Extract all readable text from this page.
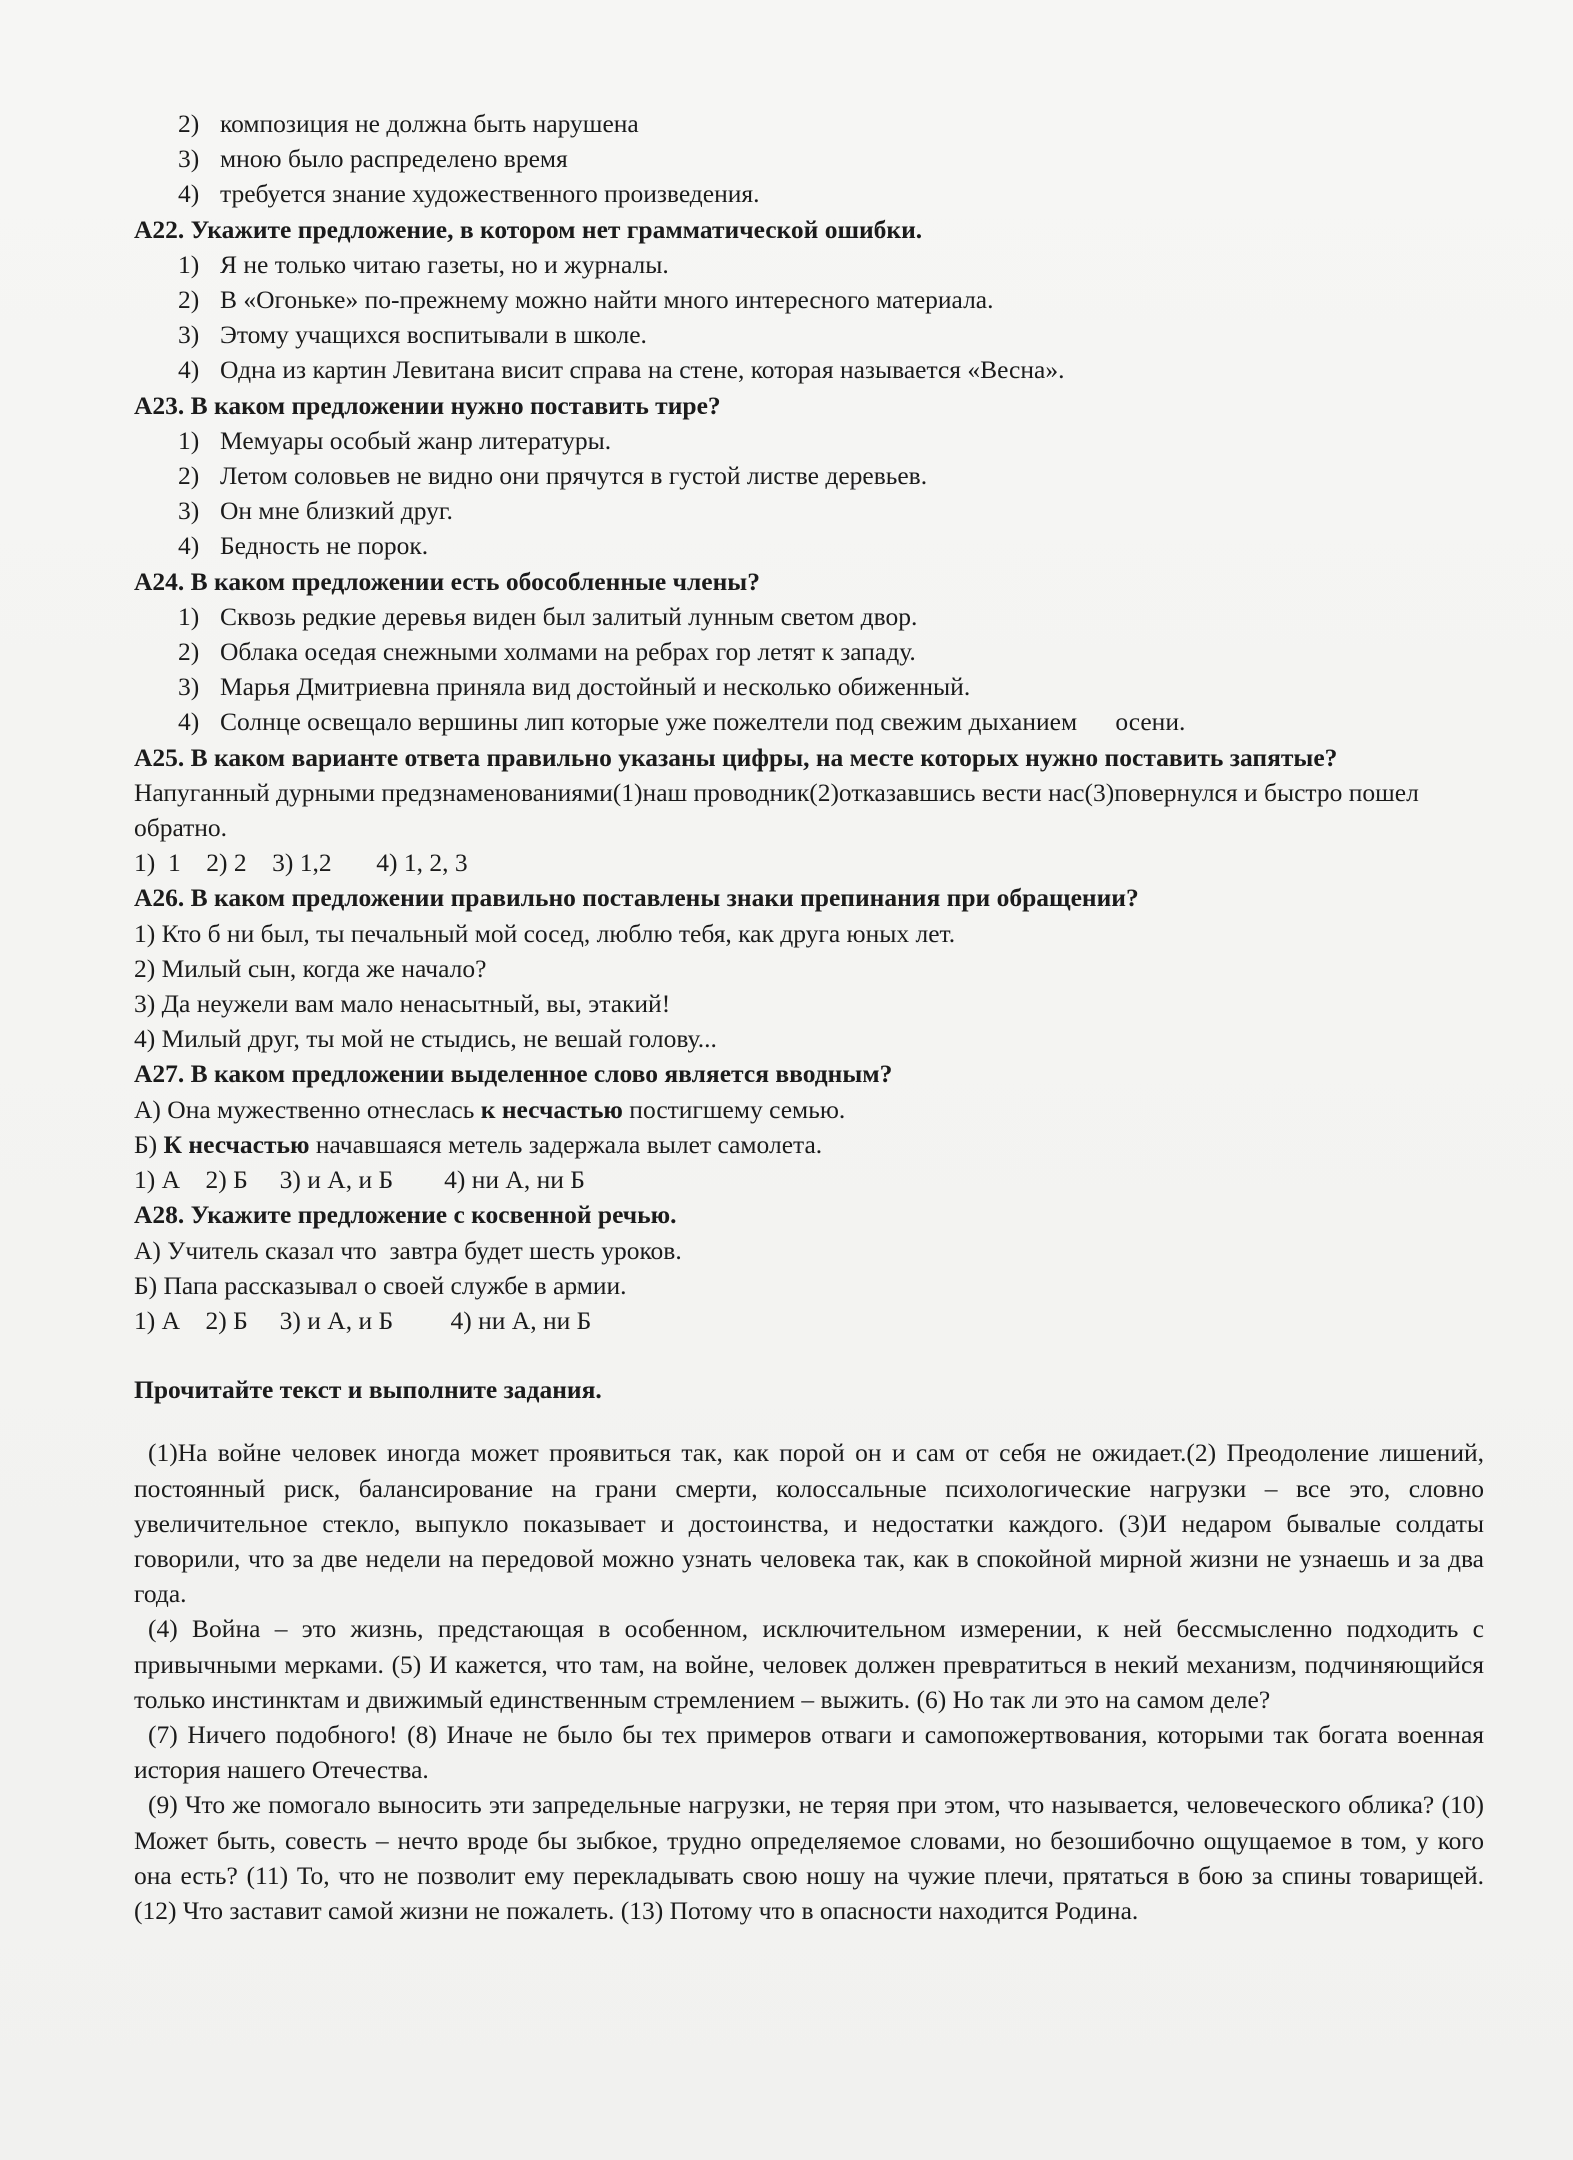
2) композиция не должна быть нарушена
3) мною было распределено время
4) требуется знание художественного произведения.
А22. Укажите предложение, в котором нет грамматической ошибки.
1) Я не только читаю газеты, но и журналы.
2) В «Огоньке» по-прежнему можно найти много интересного материала.
3) Этому учащихся воспитывали в школе.
4) Одна из картин Левитана висит справа на стене, которая называется «Весна».
А23. В каком предложении нужно поставить тире?
1) Мемуары особый жанр литературы.
2) Летом соловьев не видно они прячутся в густой листве деревьев.
3) Он мне близкий друг.
4) Бедность не порок.
А24. В каком предложении есть обособленные члены?
1) Сквозь редкие деревья виден был залитый лунным светом двор.
2) Облака оседая снежными холмами на ребрах гор летят к западу.
3) Марья Дмитриевна приняла вид достойный и несколько обиженный.
4) Солнце освещало вершины лип которые уже пожелтели под свежим дыханием      осени.
А25. В каком варианте ответа правильно указаны цифры, на месте которых нужно поставить запятые?
Напуганный дурными предзнаменованиями(1)наш проводник(2)отказавшись вести нас(3)повернулся и быстро пошел обратно.
1)  1    2) 2    3) 1,2       4) 1, 2, 3
А26. В каком предложении правильно поставлены знаки препинания при обращении?
1) Кто б ни был, ты печальный мой сосед, люблю тебя, как друга юных лет.
2) Милый сын, когда же начало?
3) Да неужели вам мало ненасытный, вы, этакий!
4) Милый друг, ты мой не стыдись, не вешай голову...
А27. В каком предложении выделенное слово является вводным?
А) Она мужественно отнеслась к несчастью постигшему семью.
Б) К несчастью начавшаяся метель задержала вылет самолета.
1) А    2) Б     3) и А, и Б        4) ни А, ни Б
А28. Укажите предложение с косвенной речью.
А) Учитель сказал что  завтра будет шесть уроков.
Б) Папа рассказывал о своей службе в армии.
1) А    2) Б     3) и А, и Б         4) ни А, ни Б
Прочитайте текст и выполните задания.
(1)На войне человек иногда может проявиться так, как порой он и сам от себя не ожидает.(2) Преодоление лишений, постоянный риск, балансирование на грани смерти, колоссальные психологические нагрузки – все это, словно увеличительное стекло, выпукло показывает и достоинства, и недостатки каждого. (3)И недаром бывалые солдаты говорили, что за две недели на передовой можно узнать человека так, как в спокойной мирной жизни не узнаешь и за два года.
(4) Война – это жизнь, предстающая в особенном, исключительном измерении, к ней бессмысленно подходить с привычными мерками. (5) И кажется, что там, на войне, человек должен превратиться в некий механизм, подчиняющийся только инстинктам и движимый единственным стремлением – выжить. (6) Но так ли это на самом деле?
(7) Ничего подобного! (8) Иначе не было бы тех примеров отваги и самопожертвования, которыми так богата военная история нашего Отечества.
(9) Что же помогало выносить эти запредельные нагрузки, не теряя при этом, что называется, человеческого облика? (10) Может быть, совесть – нечто вроде бы зыбкое, трудно определяемое словами, но безошибочно ощущаемое в том, у кого она есть? (11) То, что не позволит ему перекладывать свою ношу на чужие плечи, прятаться в бою за спины товарищей. (12) Что заставит самой жизни не пожалеть. (13) Потому что в опасности находится Родина.
